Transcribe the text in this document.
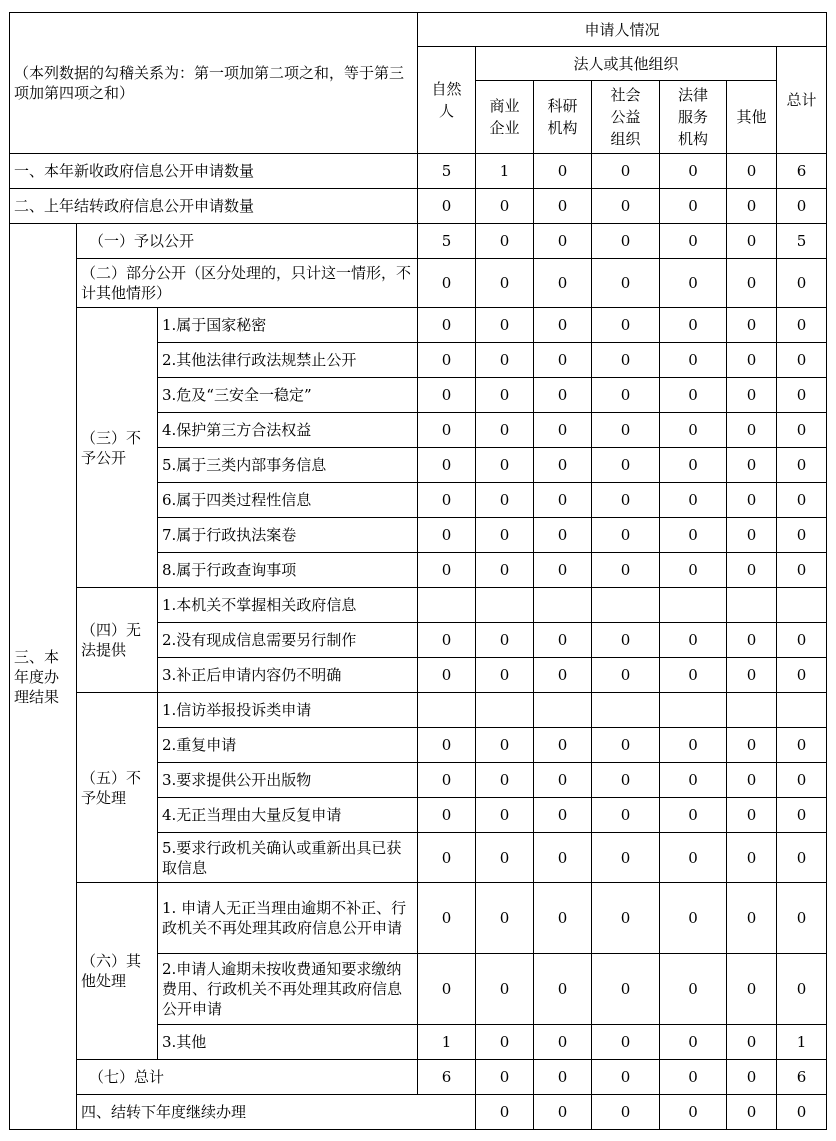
（本列数据的勾稽关系为：第一项加第二项之和，等于第三项加第四项之和）			申请人情况							
			自然人	法人或其他组织					总计	
				商业企业	科研机构	社会公益组织	法律服务机构	其他		
一、本年新收政府信息公开申请数量			5	1	0	0	0	0	6	
二、上年结转政府信息公开申请数量			0	0	0	0	0	0	0	
三、本年度办理结果	（一）予以公开		5	0	0	0	0	0	5	
	（二）部分公开（区分处理的，只计这一情形，不计其他情形）		0	0	0	0	0	0	0	
	（三）不予公开	1.属于国家秘密	0	0	0	0	0	0	0	
		2.其他法律行政法规禁止公开	0	0	0	0	0	0	0	
		3.危及“三安全一稳定”	0	0	0	0	0	0	0	
		4.保护第三方合法权益	0	0	0	0	0	0	0	
		5.属于三类内部事务信息	0	0	0	0	0	0	0	
		6.属于四类过程性信息	0	0	0	0	0	0	0	
		7.属于行政执法案卷	0	0	0	0	0	0	0	
		8.属于行政查询事项	0	0	0	0	0	0	0	
	（四）无法提供	1.本机关不掌握相关政府信息								
		2.没有现成信息需要另行制作	0	0	0	0	0	0	0	
		3.补正后申请内容仍不明确	0	0	0	0	0	0	0	
	（五）不予处理	1.信访举报投诉类申请								
		2.重复申请	0	0	0	0	0	0	0	
		3.要求提供公开出版物	0	0	0	0	0	0	0	
		4.无正当理由大量反复申请	0	0	0	0	0	0	0	
		5.要求行政机关确认或重新出具已获取信息	0	0	0	0	0	0	0	
	（六）其他处理	1. 申请人无正当理由逾期不补正、行政机关不再处理其政府信息公开申请	0	0	0	0	0	0	0	
		2.申请人逾期未按收费通知要求缴纳费用、行政机关不再处理其政府信息公开申请	0	0	0	0	0	0	0	
		3.其他	1	0	0	0	0	0	1	
	（七）总计		6	0	0	0	0	0	6	
	四、结转下年度继续办理			0	0	0	0	0	0	
